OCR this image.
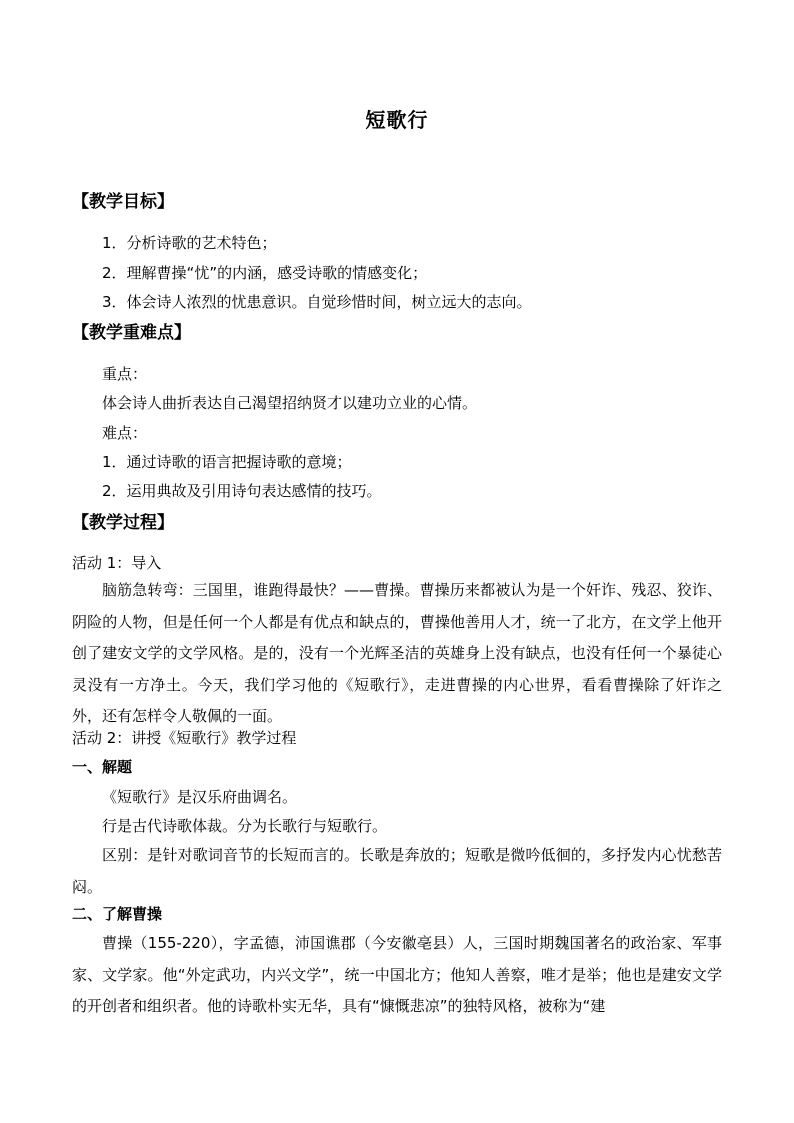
短歌行
【教学目标】
1．分析诗歌的艺术特色；
2．理解曹操“忧”的内涵，感受诗歌的情感变化；
3．体会诗人浓烈的忧患意识。自觉珍惜时间，树立远大的志向。
【教学重难点】
重点：
体会诗人曲折表达自己渴望招纳贤才以建功立业的心情。
难点：
1．通过诗歌的语言把握诗歌的意境；
2．运用典故及引用诗句表达感情的技巧。
【教学过程】
活动 1：导入
脑筋急转弯：三国里，谁跑得最快？——曹操。曹操历来都被认为是一个奸诈、残忍、狡诈、阴险的人物，但是任何一个人都是有优点和缺点的，曹操他善用人才，统一了北方，在文学上他开创了建安文学的文学风格。是的，没有一个光辉圣洁的英雄身上没有缺点，也没有任何一个暴徒心灵没有一方净土。今天，我们学习他的《短歌行》，走进曹操的内心世界，看看曹操除了奸诈之外，还有怎样令人敬佩的一面。
活动 2：讲授《短歌行》教学过程
一、解题
《短歌行》是汉乐府曲调名。
行是古代诗歌体裁。分为长歌行与短歌行。
区别：是针对歌词音节的长短而言的。长歌是奔放的；短歌是微吟低徊的，多抒发内心忧愁苦闷。
二、了解曹操
曹操（155-220），字孟德，沛国谯郡（今安徽亳县）人，三国时期魏国著名的政治家、军事家、文学家。他“外定武功，内兴文学”，统一中国北方；他知人善察，唯才是举；他也是建安文学的开创者和组织者。他的诗歌朴实无华，具有“慷慨悲凉”的独特风格，被称为“建
